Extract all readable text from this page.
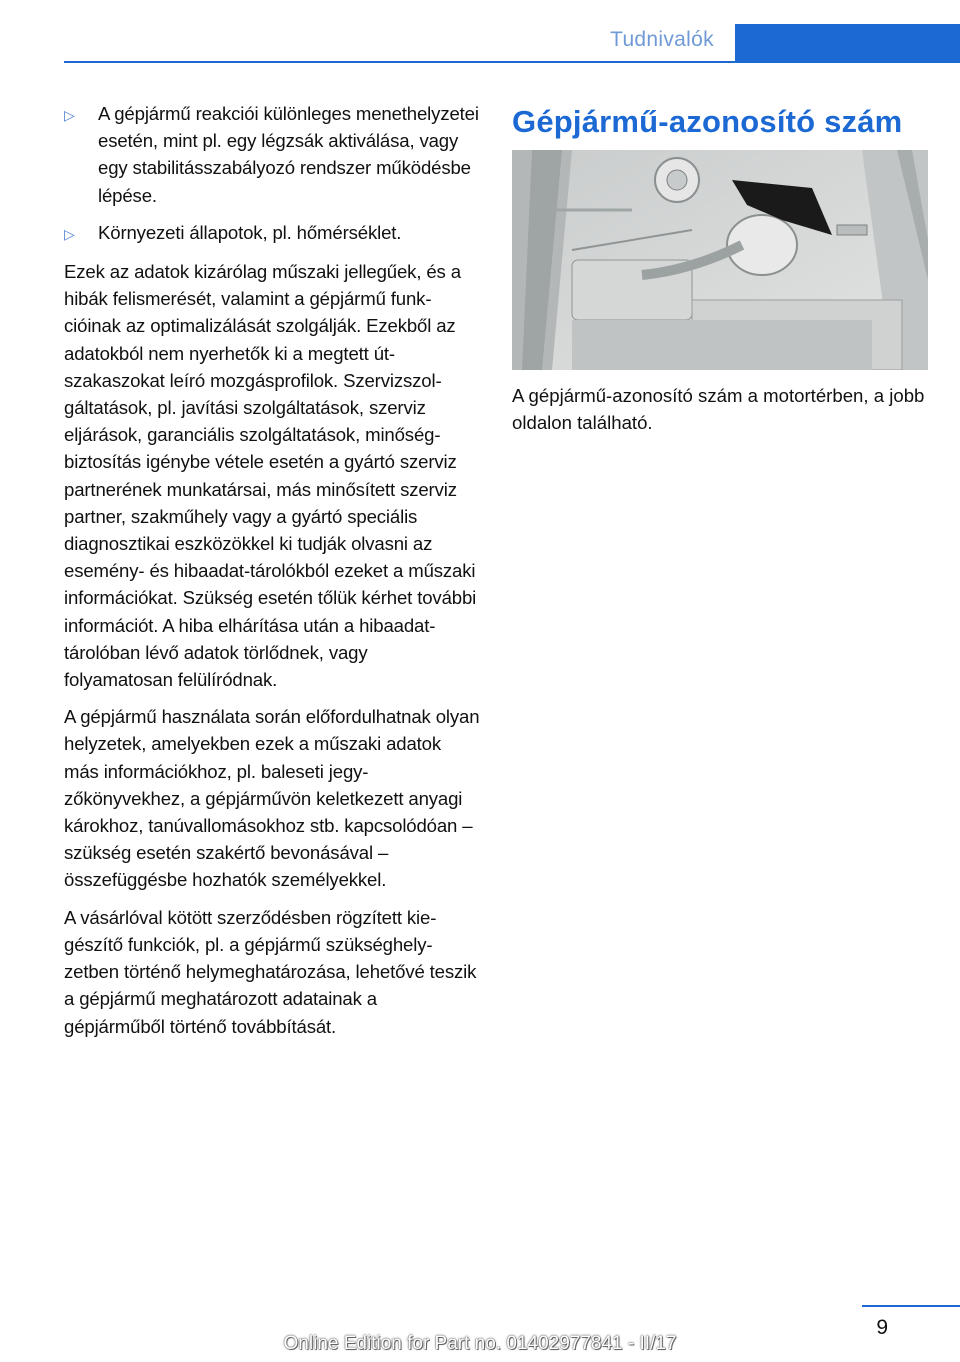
Tudnivalók
▷	A gépjármű reakciói különleges menethelyzetei esetén, mint pl. egy légzsák aktiválása, vagy egy stabilitásszabályozó rendszer működésbe lépése.
▷	Környezeti állapotok, pl. hőmérséklet.

Ezek az adatok kizárólag műszaki jellegűek, és a hibák felismerését, valamint a gépjármű funkcióinak az optimalizálását szolgálják. Ezekből az adatokból nem nyerhetők ki a megtett útszakaszokat leíró mozgásprofilok. Szervizszolgáltatások, pl. javítási szolgáltatások, szerviz eljárások, garanciális szolgáltatások, minőségbiztosítás igénybe vétele esetén a gyártó szerviz partnerének munkatársai, más minősített szerviz partner, szakműhely vagy a gyártó speciális diagnosztikai eszközökkel ki tudják olvasni az esemény- és hibaadat-tárolókból ezeket a műszaki információkat. Szükség esetén tőlük kérhet további információt. A hiba elhárítása után a hibaadat-tárolóban lévő adatok törlődnek, vagy folyamatosan felülíródnak.

A gépjármű használata során előfordulhatnak olyan helyzetek, amelyekben ezek a műszaki adatok más információkhoz, pl. baleseti jegyzőkönyvekhez, a gépjárművön keletkezett anyagi károkhoz, tanúvallomásokhoz stb. kapcsolódóan – szükség esetén szakértő bevonásával – összefüggésbe hozhatók személyekkel.

A vásárlóval kötött szerződésben rögzített kiegészítő funkciók, pl. a gépjármű szükséghelyzetben történő helymeghatározása, lehetővé teszik a gépjármű meghatározott adatainak a gépjárműből történő továbbítását.

Gépjármű-azonosító szám
A gépjármű-azonosító szám a motortérben, a jobb oldalon található.
9
Online Edition for Part no. 01402977841 - II/17
